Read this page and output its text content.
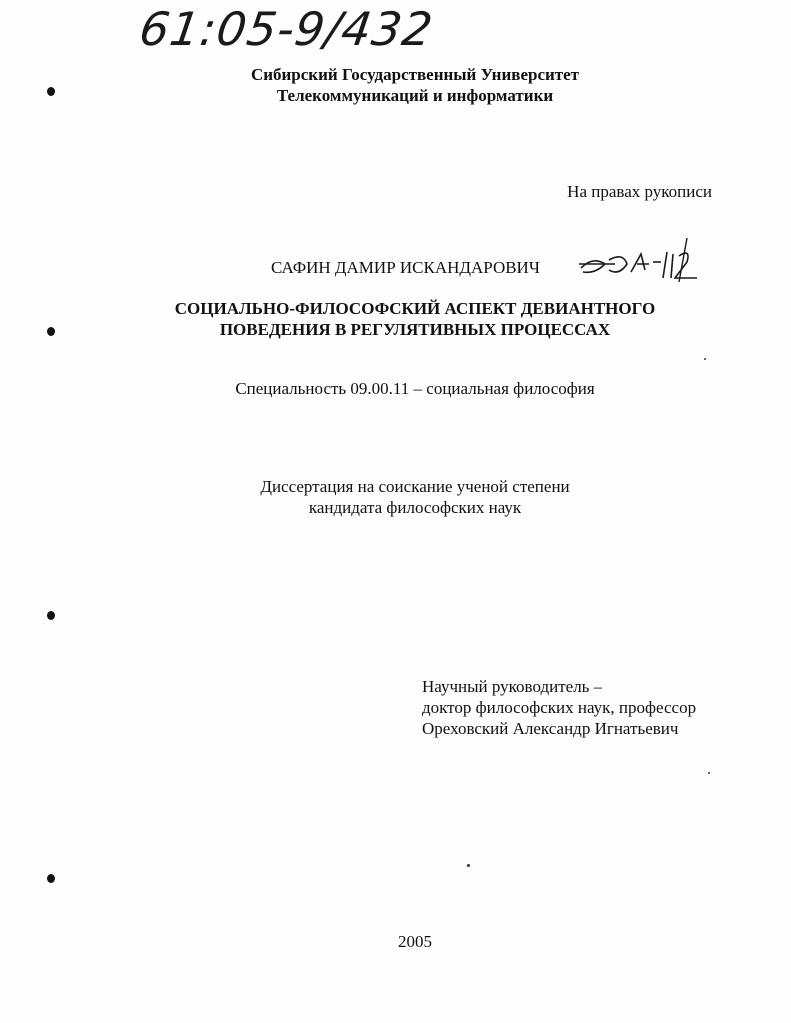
61:05-9/432
Сибирский Государственный Университет
Телекоммуникаций и информатики
На правах рукописи
САФИН ДАМИР ИСКАНДАРОВИЧ
СОЦИАЛЬНО-ФИЛОСОФСКИЙ АСПЕКТ ДЕВИАНТНОГО
ПОВЕДЕНИЯ В РЕГУЛЯТИВНЫХ ПРОЦЕССАХ
Специальность 09.00.11 – социальная философия
Диссертация на соискание ученой степени
кандидата философских наук
Научный руководитель –
доктор философских наук, профессор
Ореховский Александр Игнатьевич
2005
